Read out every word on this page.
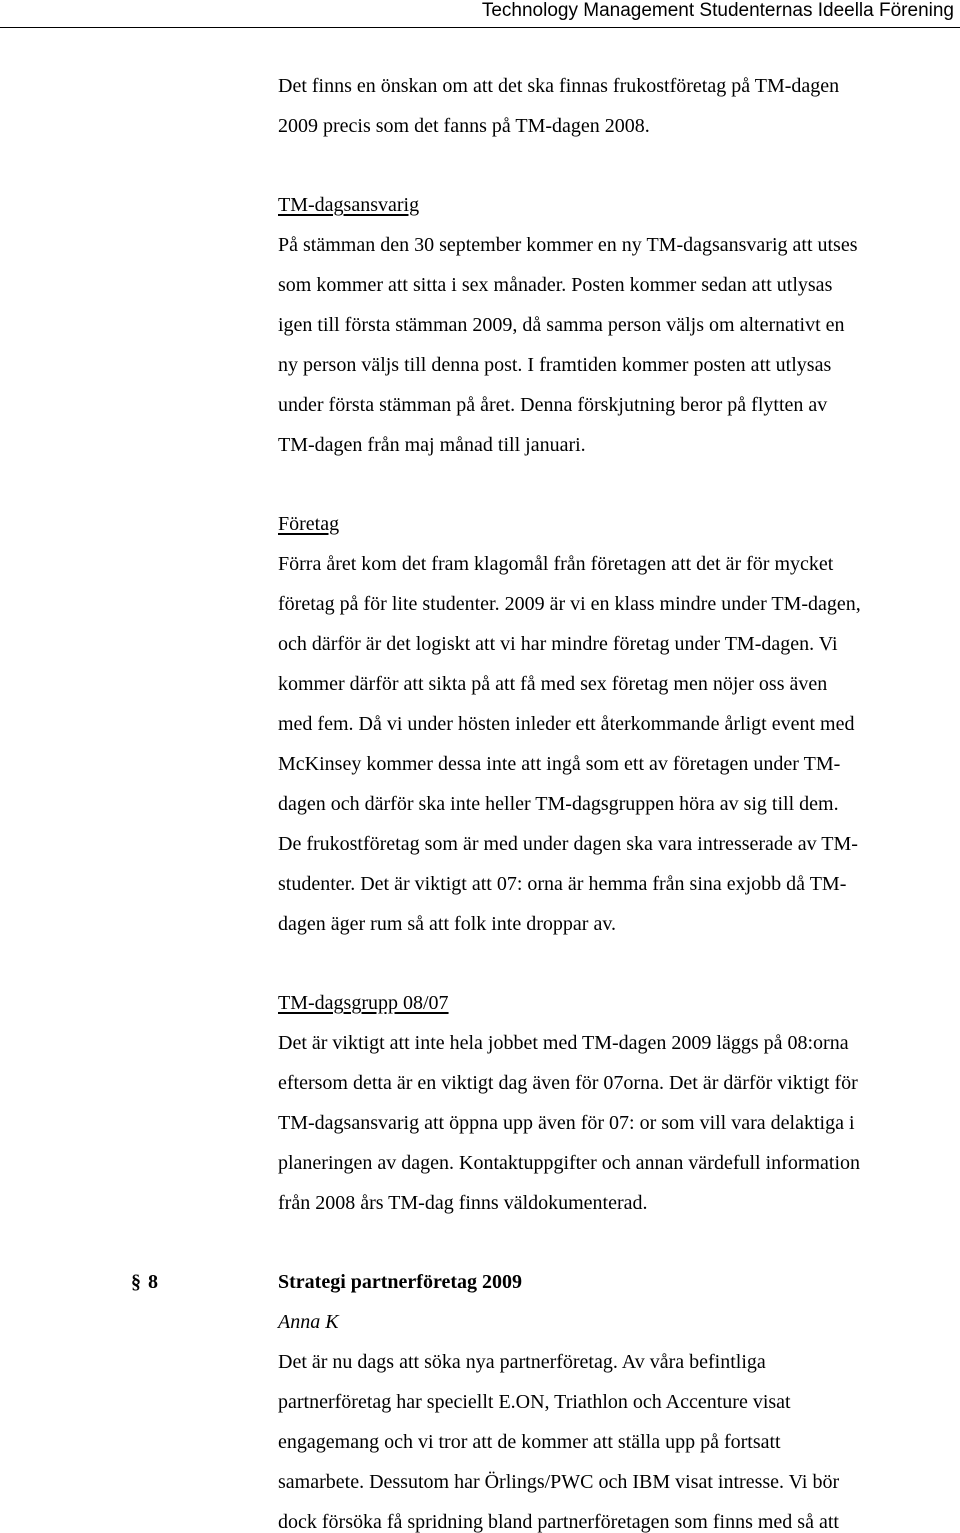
Technology Management Studenternas Ideella Förening
Det finns en önskan om att det ska finnas frukostföretag på TM-dagen
2009 precis som det fanns på TM-dagen 2008.
TM-dagsansvarig
På stämman den 30 september kommer en ny TM-dagsansvarig att utses
som kommer att sitta i sex månader. Posten kommer sedan att utlysas
igen till första stämman 2009, då samma person väljs om alternativt en
ny person väljs till denna post. I framtiden kommer posten att utlysas
under första stämman på året. Denna förskjutning beror på flytten av
TM-dagen från maj månad till januari.
Företag
Förra året kom det fram klagomål från företagen att det är för mycket
företag på för lite studenter. 2009 är vi en klass mindre under TM-dagen,
och därför är det logiskt att vi har mindre företag under TM-dagen. Vi
kommer därför att sikta på att få med sex företag men nöjer oss även
med fem. Då vi under hösten inleder ett återkommande årligt event med
McKinsey kommer dessa inte att ingå som ett av företagen under TM-
dagen och därför ska inte heller TM-dagsgruppen höra av sig till dem.
De frukostföretag som är med under dagen ska vara intresserade av TM-
studenter. Det är viktigt att 07: orna är hemma från sina exjobb då TM-
dagen äger rum så att folk inte droppar av.
TM-dagsgrupp 08/07
Det är viktigt att inte hela jobbet med TM-dagen 2009 läggs på 08:orna
eftersom detta är en viktigt dag även för 07orna. Det är därför viktigt för
TM-dagsansvarig att öppna upp även för 07: or som vill vara delaktiga i
planeringen av dagen. Kontaktuppgifter och annan värdefull information
från 2008 års TM-dag finns väldokumenterad.
§ 8	Strategi partnerföretag 2009
Anna K
Det är nu dags att söka nya partnerföretag. Av våra befintliga
partnerföretag har speciellt E.ON, Triathlon och Accenture visat
engagemang och vi tror att de kommer att ställa upp på fortsatt
samarbete. Dessutom har Örlings/PWC och IBM visat intresse. Vi bör
dock försöka få spridning bland partnerföretagen som finns med så att
